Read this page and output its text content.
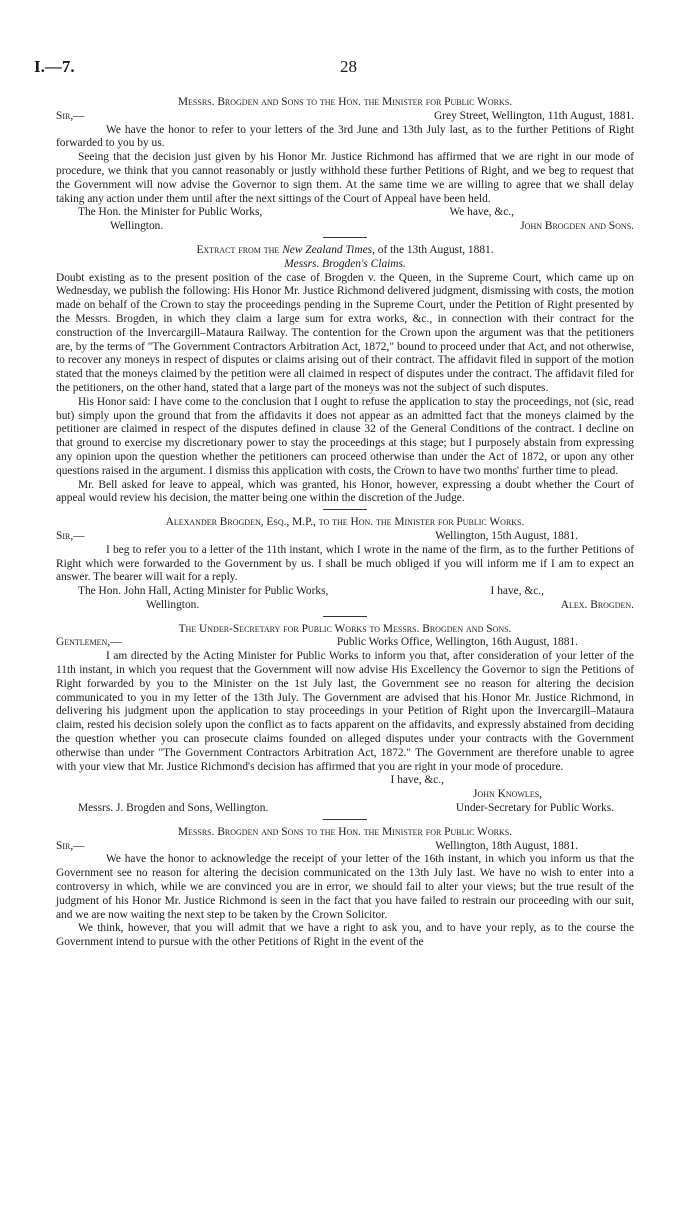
I.—7.	28

Messrs. Brogden and Sons to the Hon. the Minister for Public Works.

Sir,—	Grey Street, Wellington, 11th August, 1881.

We have the honor to refer to your letters of the 3rd June and 13th July last, as to the further Petitions of Right forwarded to you by us.

Seeing that the decision just given by his Honor Mr. Justice Richmond has affirmed that we are right in our mode of procedure, we think that you cannot reasonably or justly withhold these further Petitions of Right, and we beg to request that the Government will now advise the Governor to sign them. At the same time we are willing to agree that we shall delay taking any action under them until after the next sittings of the Court of Appeal have been held.

The Hon. the Minister for Public Works,	We have, &c.,
Wellington.	John Brogden and Sons.

Extract from the New Zealand Times, of the 13th August, 1881.

Messrs. Brogden's Claims.

Doubt existing as to the present position of the case of Brogden v. the Queen, in the Supreme Court, which came up on Wednesday, we publish the following: His Honor Mr. Justice Richmond delivered judgment, dismissing with costs, the motion made on behalf of the Crown to stay the proceedings pending in the Supreme Court, under the Petition of Right presented by the Messrs. Brogden, in which they claim a large sum for extra works, &c., in connection with their contract for the construction of the Invercargill–Mataura Railway. The contention for the Crown upon the argument was that the petitioners are, by the terms of "The Government Contractors Arbitration Act, 1872," bound to proceed under that Act, and not otherwise, to recover any moneys in respect of disputes or claims arising out of their contract. The affidavit filed in support of the motion stated that the moneys claimed by the petition were all claimed in respect of disputes under the contract. The affidavit filed for the petitioners, on the other hand, stated that a large part of the moneys was not the subject of such disputes.

His Honor said: I have come to the conclusion that I ought to refuse the application to stay the proceedings, not (sic, read but) simply upon the ground that from the affidavits it does not appear as an admitted fact that the moneys claimed by the petitioner are claimed in respect of the disputes defined in clause 32 of the General Conditions of the contract. I decline on that ground to exercise my discretionary power to stay the proceedings at this stage; but I purposely abstain from expressing any opinion upon the question whether the petitioners can proceed otherwise than under the Act of 1872, or upon any other questions raised in the argument. I dismiss this application with costs, the Crown to have two months' further time to plead.

Mr. Bell asked for leave to appeal, which was granted, his Honor, however, expressing a doubt whether the Court of appeal would review his decision, the matter being one within the discretion of the Judge.

Alexander Brogden, Esq., M.P., to the Hon. the Minister for Public Works.

Sir,—	Wellington, 15th August, 1881.

I beg to refer you to a letter of the 11th instant, which I wrote in the name of the firm, as to the further Petitions of Right which were forwarded to the Government by us. I shall be much obliged if you will inform me if I am to expect an answer. The bearer will wait for a reply.

The Hon. John Hall, Acting Minister for Public Works,	I have, &c.,
Wellington.	Alex. Brogden.

The Under-Secretary for Public Works to Messrs. Brogden and Sons.

Gentlemen,—	Public Works Office, Wellington, 16th August, 1881.

I am directed by the Acting Minister for Public Works to inform you that, after consideration of your letter of the 11th instant, in which you request that the Government will now advise His Excellency the Governor to sign the Petitions of Right forwarded by you to the Minister on the 1st July last, the Government see no reason for altering the decision communicated to you in my letter of the 13th July. The Government are advised that his Honor Mr. Justice Richmond, in delivering his judgment upon the application to stay proceedings in your Petition of Right upon the Invercargill–Mataura claim, rested his decision solely upon the conflict as to facts apparent on the affidavits, and expressly abstained from deciding the question whether you can prosecute claims founded on alleged disputes under your contracts with the Government otherwise than under "The Government Contractors Arbitration Act, 1872." The Government are therefore unable to agree with your view that Mr. Justice Richmond's decision has affirmed that you are right in your mode of procedure.

I have, &c.,
John Knowles,
Messrs. J. Brogden and Sons, Wellington.	Under-Secretary for Public Works.

Messrs. Brogden and Sons to the Hon. the Minister for Public Works.

Sir,—	Wellington, 18th August, 1881.

We have the honor to acknowledge the receipt of your letter of the 16th instant, in which you inform us that the Government see no reason for altering the decision communicated on the 13th July last. We have no wish to enter into a controversy in which, while we are convinced you are in error, we should fail to alter your views; but the true result of the judgment of his Honor Mr. Justice Richmond is seen in the fact that you have failed to restrain our proceeding with our suit, and we are now waiting the next step to be taken by the Crown Solicitor.

We think, however, that you will admit that we have a right to ask you, and to have your reply, as to the course the Government intend to pursue with the other Petitions of Right in the event of the
